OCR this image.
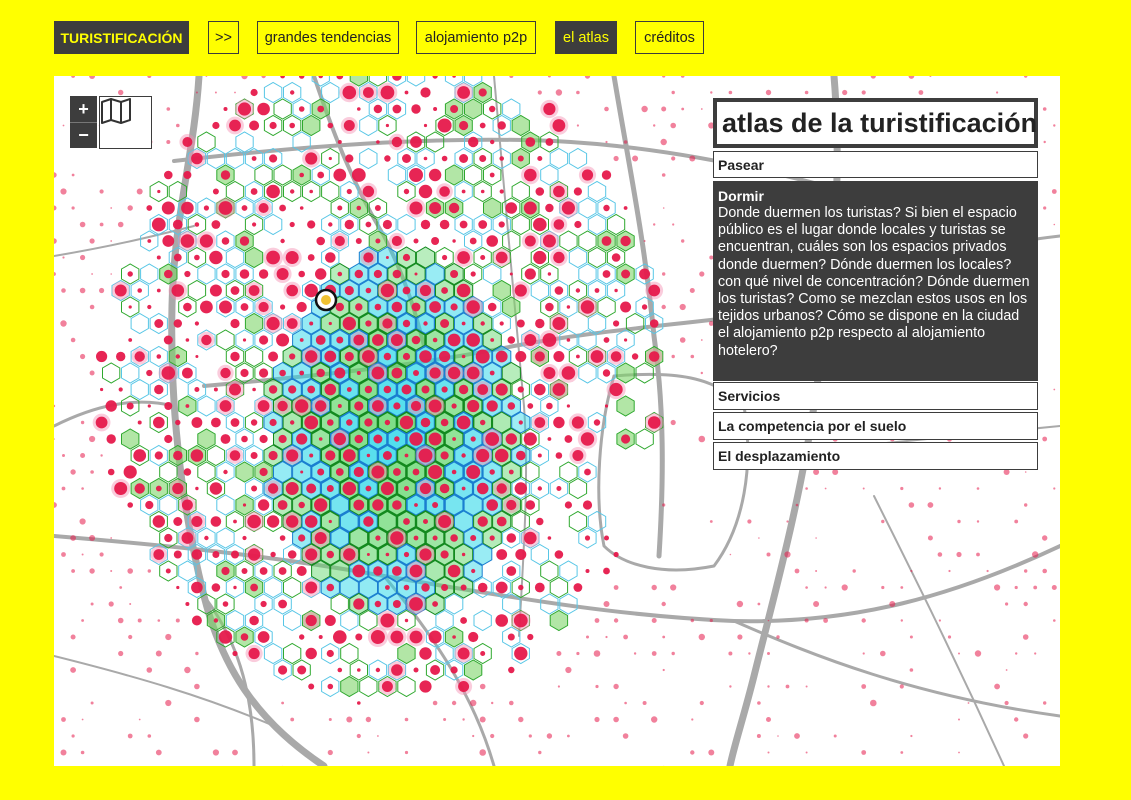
TURISTIFICACIÓN	>>	grandes tendencias	alojamiento p2p	el atlas	créditos
+
−	atlas de la turistificación
Pasear
Dormir
Donde duermen los turistas? Si bien el espacio público es el lugar donde locales y turistas se encuentran, cuáles son los espacios privados donde duermen? Dónde duermen los locales? con qué nivel de concentración? Dónde duermen los turistas? Como se mezclan estos usos en los tejidos urbanos? Cómo se dispone en la ciudad el alojamiento p2p respecto al alojamiento hotelero?
Servicios
La competencia por el suelo
El desplazamiento
